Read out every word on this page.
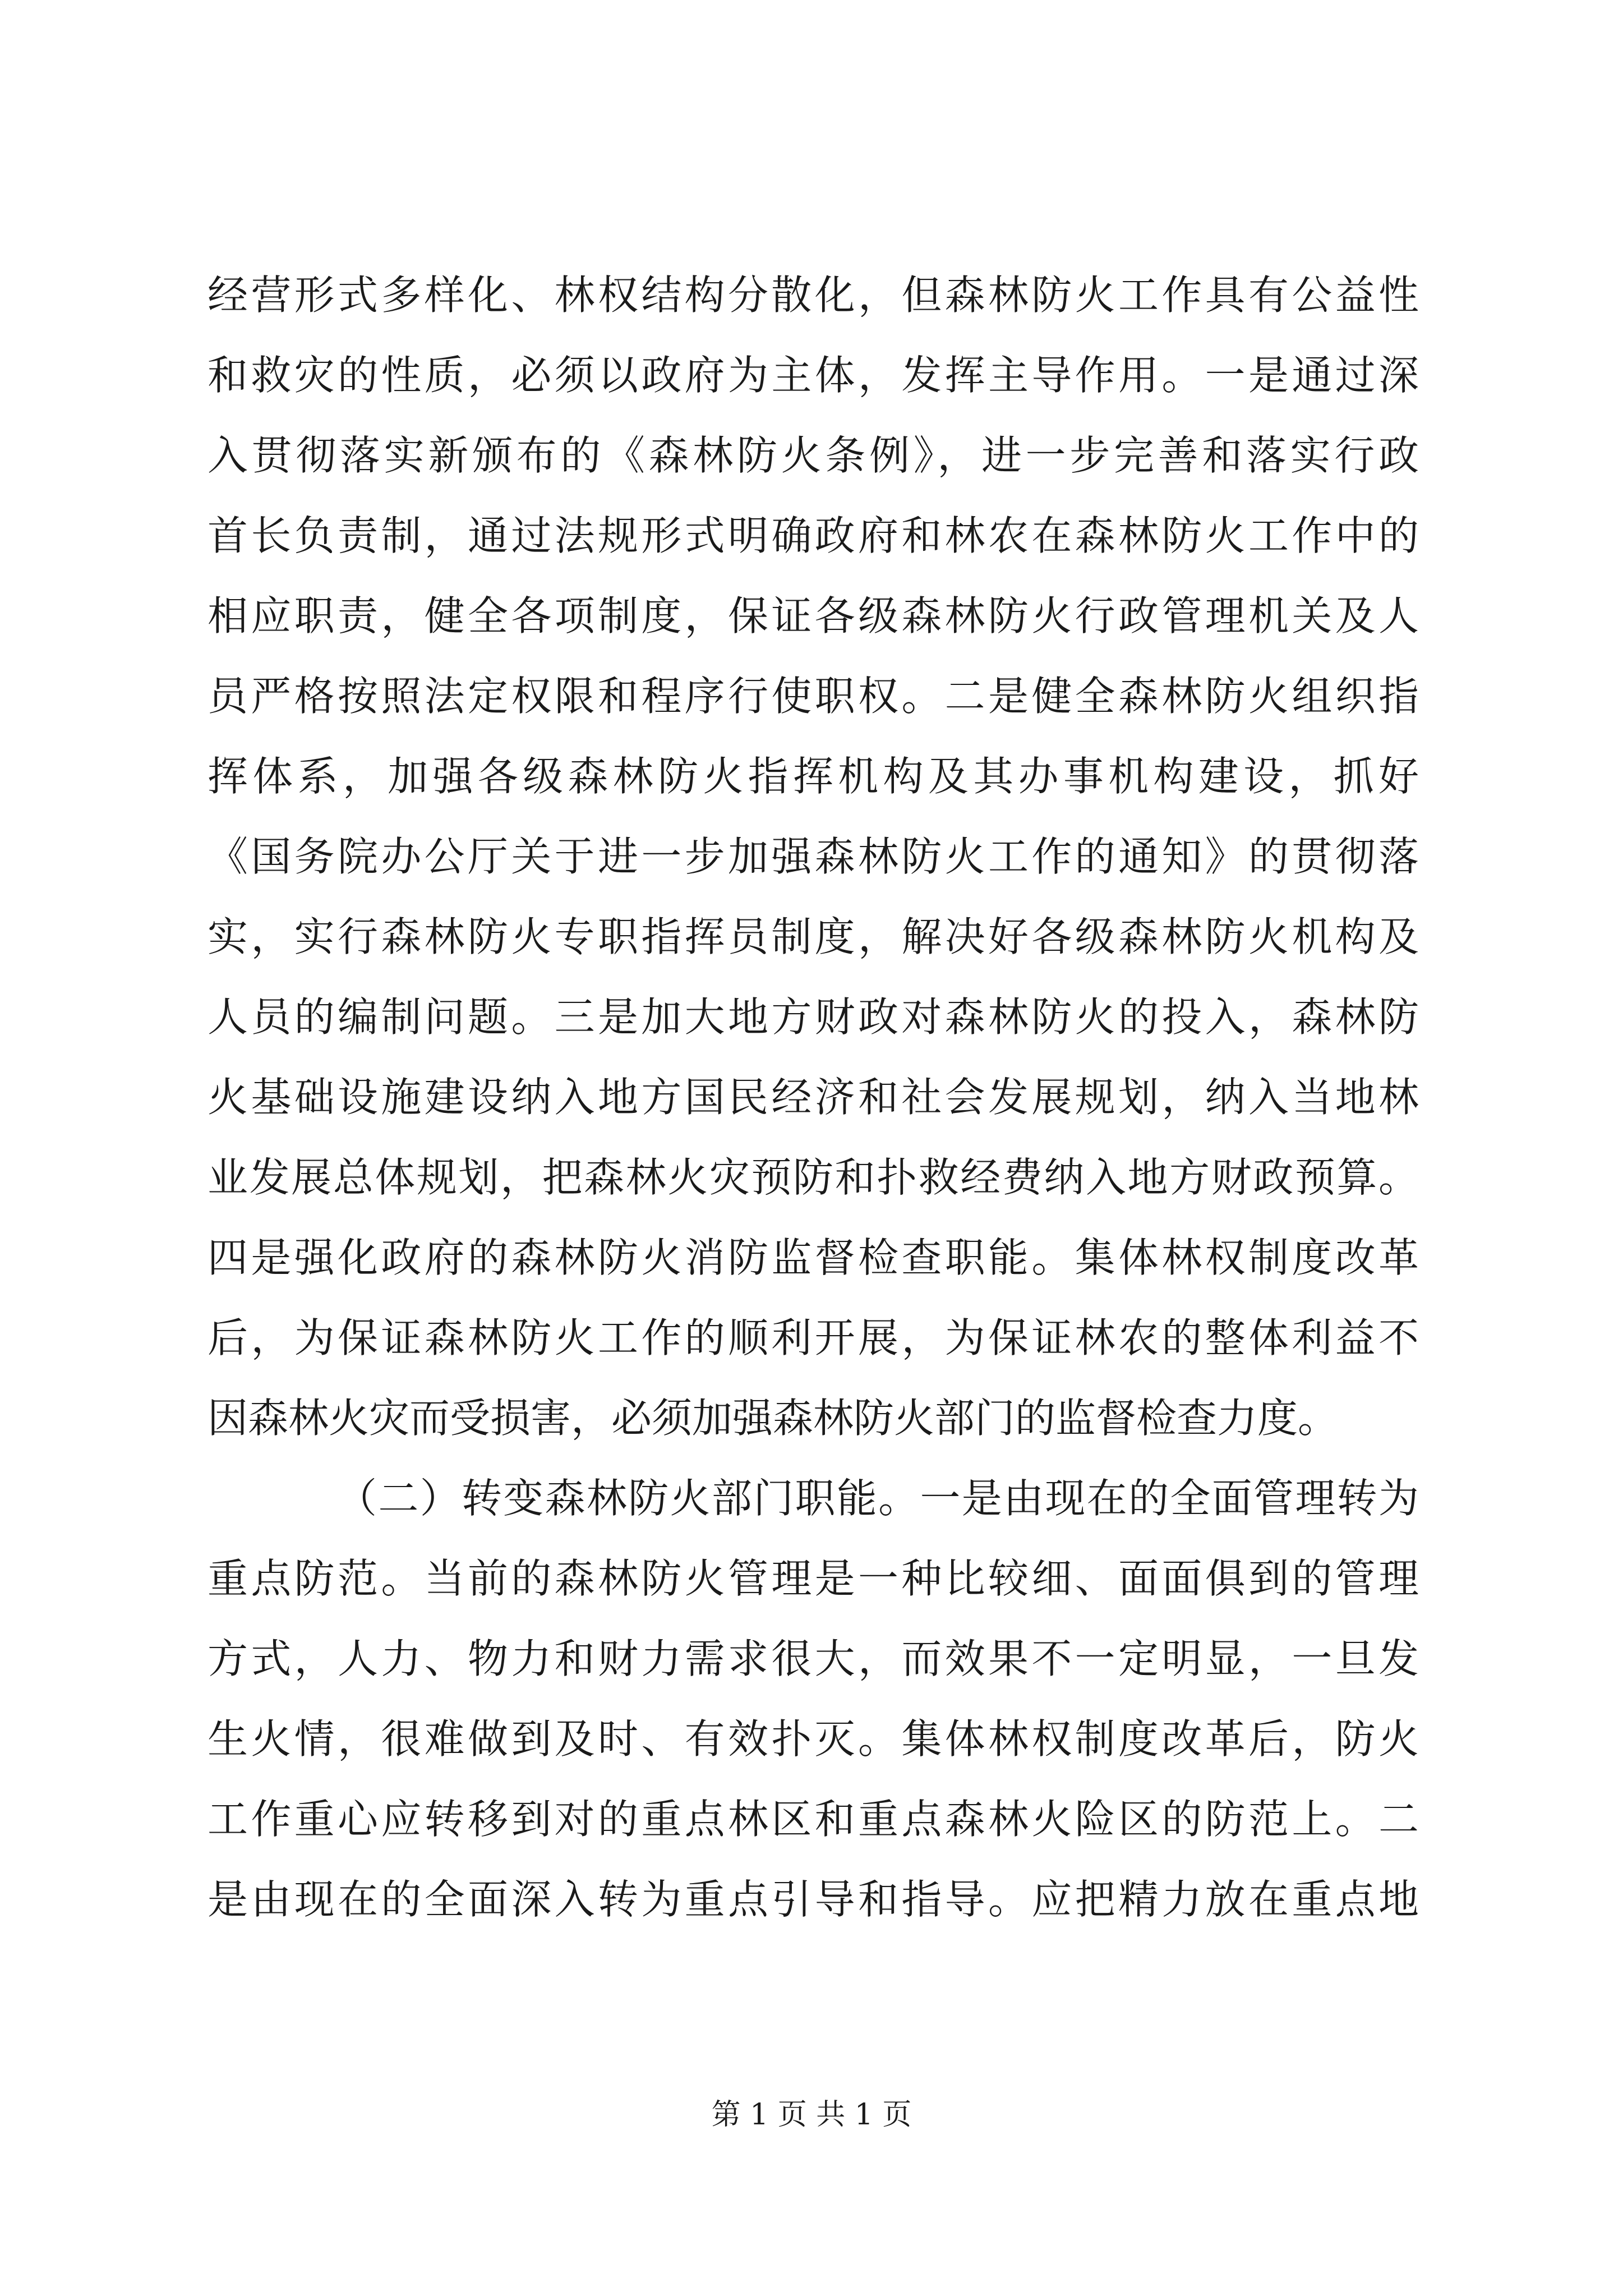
经营形式多样化、林权结构分散化，但森林防火工作具有公益性
和救灾的性质，必须以政府为主体，发挥主导作用。一是通过深
入贯彻落实新颁布的《森林防火条例》，进一步完善和落实行政
首长负责制，通过法规形式明确政府和林农在森林防火工作中的
相应职责，健全各项制度，保证各级森林防火行政管理机关及人
员严格按照法定权限和程序行使职权。二是健全森林防火组织指
挥体系，加强各级森林防火指挥机构及其办事机构建设，抓好
《国务院办公厅关于进一步加强森林防火工作的通知》的贯彻落
实，实行森林防火专职指挥员制度，解决好各级森林防火机构及
人员的编制问题。三是加大地方财政对森林防火的投入，森林防
火基础设施建设纳入地方国民经济和社会发展规划，纳入当地林
业发展总体规划，把森林火灾预防和扑救经费纳入地方财政预算。
四是强化政府的森林防火消防监督检查职能。集体林权制度改革
后，为保证森林防火工作的顺利开展，为保证林农的整体利益不
因森林火灾而受损害，必须加强森林防火部门的监督检查力度。
（二）转变森林防火部门职能。一是由现在的全面管理转为
重点防范。当前的森林防火管理是一种比较细、面面俱到的管理
方式，人力、物力和财力需求很大，而效果不一定明显，一旦发
生火情，很难做到及时、有效扑灭。集体林权制度改革后，防火
工作重心应转移到对的重点林区和重点森林火险区的防范上。二
是由现在的全面深入转为重点引导和指导。应把精力放在重点地
第 1 页 共 1 页
